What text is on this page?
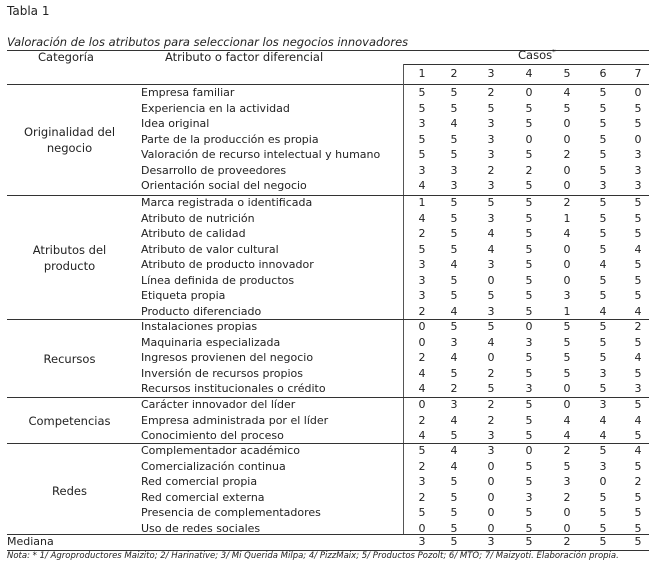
Tabla 1
Valoración de los atributos para seleccionar los negocios innovadores
Categoría	Atributo o factor diferencial	Casos*
1	2	3	4	5	6	7
Empresa familiar	5	5	2	0	4	5	0
Experiencia en la actividad	5	5	5	5	5	5	5
Idea original	3	4	3	5	0	5	5
Parte de la producción es propia	5	5	3	0	0	5	0
Valoración de recurso intelectual y humano	5	5	3	5	2	5	3
Desarrollo de proveedores	3	3	2	2	0	5	3
Orientación social del negocio	4	3	3	5	0	3	3
Originalidad del negocio
Marca registrada o identificada	1	5	5	5	2	5	5
Atributo de nutrición	4	5	3	5	1	5	5
Atributo de calidad	2	5	4	5	4	5	5
Atributo de valor cultural	5	5	4	5	0	5	4
Atributo de producto innovador	3	4	3	5	0	4	5
Línea definida de productos	3	5	0	5	0	5	5
Etiqueta propia	3	5	5	5	3	5	5
Producto diferenciado	2	4	3	5	1	4	4
Atributos del producto
Instalaciones propias	0	5	5	0	5	5	2
Maquinaria especializada	0	3	4	3	5	5	5
Ingresos provienen del negocio	2	4	0	5	5	5	4
Inversión de recursos propios	4	5	2	5	5	3	5
Recursos institucionales o crédito	4	2	5	3	0	5	3
Recursos
Carácter innovador del líder	0	3	2	5	0	3	5
Empresa administrada por el líder	2	4	2	5	4	4	4
Conocimiento del proceso	4	5	3	5	4	4	5
Competencias
Complementador académico	5	4	3	0	2	5	4
Comercialización continua	2	4	0	5	5	3	5
Red comercial propia	3	5	0	5	3	0	2
Red comercial externa	2	5	0	3	2	5	5
Presencia de complementadores	5	5	0	5	0	5	5
Uso de redes sociales	0	5	0	5	0	5	5
Redes
Mediana	3	5	3	5	2	5	5
Nota: * 1/ Agroproductores Maizito; 2/ Harinative; 3/ Mi Querida Milpa; 4/ PizzMaix; 5/ Productos Pozolt; 6/ MTO; 7/ Maizyoti. Elaboración propia.
